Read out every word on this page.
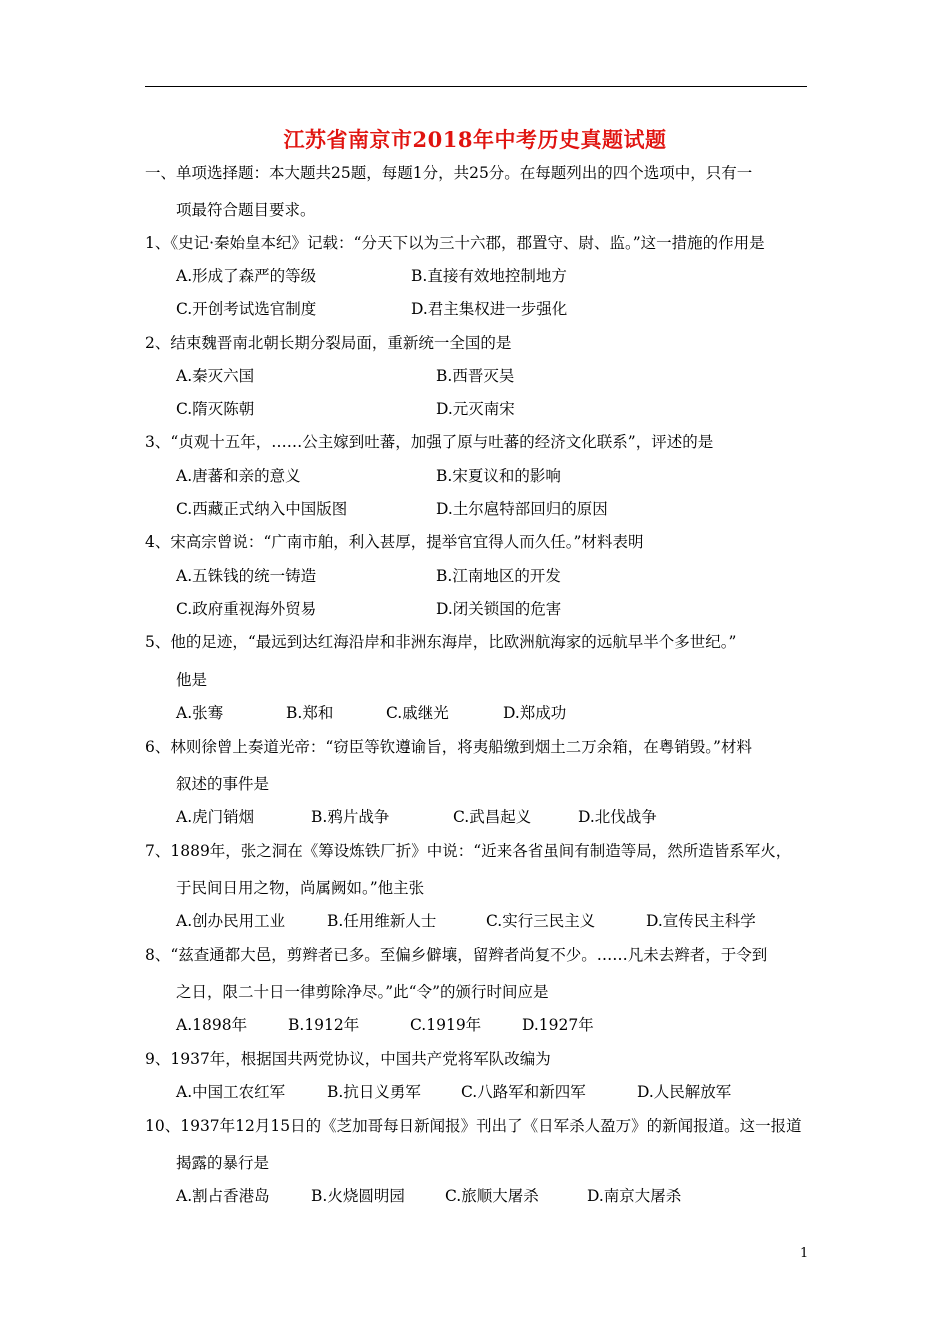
江苏省南京市2018年中考历史真题试题
一、单项选择题：本大题共25题，每题1分，共25分。在每题列出的四个选项中，只有一
项最符合题目要求。
1、《史记·秦始皇本纪》记载：“分天下以为三十六郡，郡置守、尉、监。”这一措施的作用是
A.形成了森严的等级	B.直接有效地控制地方
C.开创考试选官制度	D.君主集权进一步强化
2、结束魏晋南北朝长期分裂局面，重新统一全国的是
A.秦灭六国	B.西晋灭吴
C.隋灭陈朝	D.元灭南宋
3、“贞观十五年，……公主嫁到吐蕃，加强了原与吐蕃的经济文化联系”，评述的是
A.唐蕃和亲的意义	B.宋夏议和的影响
C.西藏正式纳入中国版图	D.土尔扈特部回归的原因
4、宋高宗曾说：“广南市舶，利入甚厚，提举官宜得人而久任。”材料表明
A.五铢钱的统一铸造	B.江南地区的开发
C.政府重视海外贸易	D.闭关锁国的危害
5、他的足迹，“最远到达红海沿岸和非洲东海岸，比欧洲航海家的远航早半个多世纪。”
他是
A.张骞	B.郑和	C.戚继光	D.郑成功
6、林则徐曾上奏道光帝：“窃臣等钦遵谕旨，将夷船缴到烟土二万余箱，在粤销毁。”材料
叙述的事件是
A.虎门销烟	B.鸦片战争	C.武昌起义	D.北伐战争
7、1889年，张之洞在《筹设炼铁厂折》中说：“近来各省虽间有制造等局，然所造皆系军火，
于民间日用之物，尚属阙如。”他主张
A.创办民用工业	B.任用维新人士	C.实行三民主义	D.宣传民主科学
8、“兹查通都大邑，剪辫者已多。至偏乡僻壤，留辫者尚复不少。……凡未去辫者，于令到
之日，限二十日一律剪除净尽。”此“令”的颁行时间应是
A.1898年	B.1912年	C.1919年	D.1927年
9、1937年，根据国共两党协议，中国共产党将军队改编为
A.中国工农红军	B.抗日义勇军	C.八路军和新四军	D.人民解放军
10、1937年12月15日的《芝加哥每日新闻报》刊出了《日军杀人盈万》的新闻报道。这一报道
揭露的暴行是
A.割占香港岛	B.火烧圆明园	C.旅顺大屠杀	D.南京大屠杀
1
